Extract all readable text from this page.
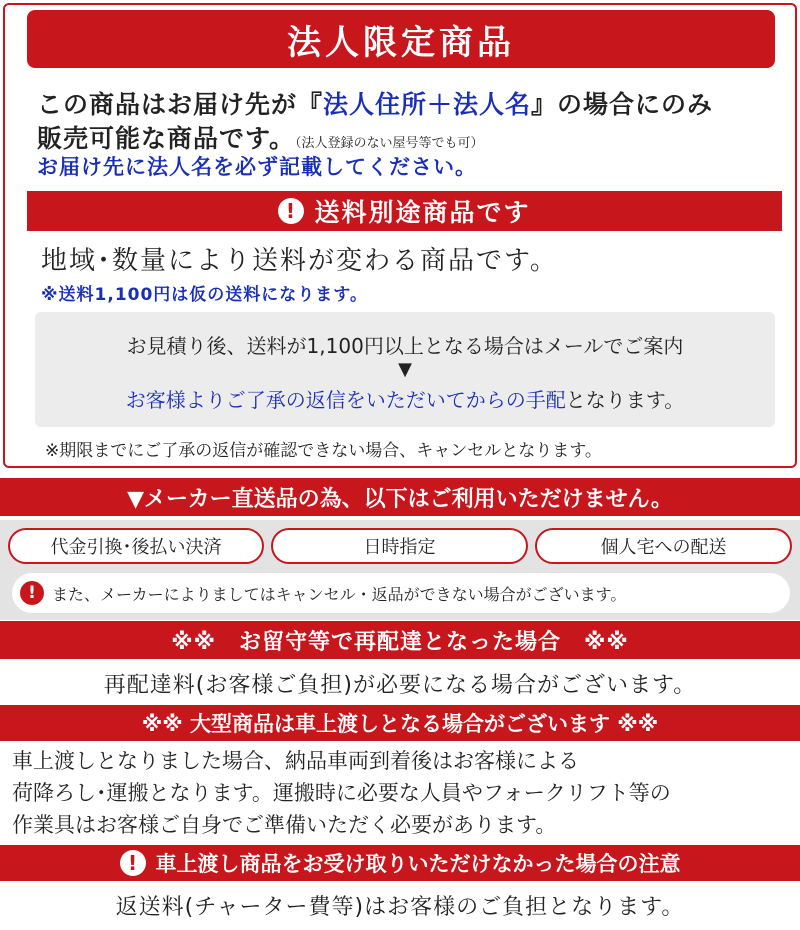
法人限定商品
この商品はお届け先が『法人住所＋法人名』の場合にのみ
販売可能な商品です。（法人登録のない屋号等でも可）
お届け先に法人名を必ず記載してください。
! 送料別途商品です
地域･数量により送料が変わる商品です。
※送料1,100円は仮の送料になります。
お見積り後、送料が1,100円以上となる場合はメールでご案内
▼
お客様よりご了承の返信をいただいてからの手配となります。
※期限までにご了承の返信が確認できない場合、キャンセルとなります。
▼メーカー直送品の為、以下はご利用いただけません。
代金引換･後払い決済	日時指定	個人宅への配送
!	また、メーカーによりましてはキャンセル・返品ができない場合がございます。
※※　お留守等で再配達となった場合　※※
再配達料(お客様ご負担)が必要になる場合がございます。
※※ 大型商品は車上渡しとなる場合がございます ※※
車上渡しとなりました場合、納品車両到着後はお客様による
荷降ろし･運搬となります。運搬時に必要な人員やフォークリフト等の
作業具はお客様ご自身でご準備いただく必要があります。
! 車上渡し商品をお受け取りいただけなかった場合の注意
返送料(チャーター費等)はお客様のご負担となります。
